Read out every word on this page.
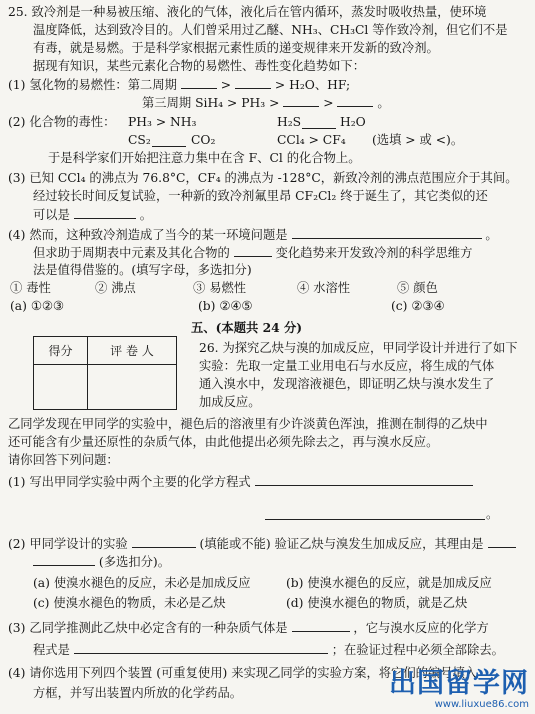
25. 致冷剂是一种易被压缩、液化的气体，液化后在管内循环，蒸发时吸收热量，使环境
温度降低，达到致冷目的。人们曾采用过乙醚、NH₃、CH₃Cl 等作致冷剂，但它们不是
有毒，就是易燃。于是科学家根据元素性质的递变规律来开发新的致冷剂。
据现有知识，某些元素化合物的易燃性、毒性变化趋势如下：
(1) 氢化物的易燃性：第二周期	>	> H₂O、HF;
第三周期 SiH₄ > PH₃ >	>	。
(2) 化合物的毒性： PH₃ > NH₃	H₂S	H₂O
CS₂	CO₂	CCl₄ > CF₄ (选填 > 或 <)。
于是科学家们开始把注意力集中在含 F、Cl 的化合物上。
(3) 已知 CCl₄ 的沸点为 76.8°C，CF₄ 的沸点为 -128°C，新致冷剂的沸点范围应介于其间。
经过较长时间反复试验，一种新的致冷剂氟里昂 CF₂Cl₂ 终于诞生了，其它类似的还
可以是	。
(4) 然而，这种致冷剂造成了当今的某一环境问题是	。
但求助于周期表中元素及其化合物的	变化趋势来开发致冷剂的科学思维方
法是值得借鉴的。(填写字母，多选扣分)
① 毒性	② 沸点	③ 易燃性	④ 水溶性	⑤ 颜色
(a) ①②③	(b) ②④⑤	(c) ②③④
五、(本题共 24 分)
得分	评 卷 人
		26. 为探究乙炔与溴的加成反应，甲同学设计并进行了如下
实验：先取一定量工业用电石与水反应，将生成的气体
通入溴水中，发现溶液褪色，即证明乙炔与溴水发生了
加成反应。
乙同学发现在甲同学的实验中，褪色后的溶液里有少许淡黄色浑浊，推测在制得的乙炔中
还可能含有少量还原性的杂质气体，由此他提出必须先除去之，再与溴水反应。
请你回答下列问题：
(1) 写出甲同学实验中两个主要的化学方程式
。
(2) 甲同学设计的实验	(填能或不能) 验证乙炔与溴发生加成反应，其理由是
(多选扣分)。
(a) 使溴水褪色的反应，未必是加成反应	(b) 使溴水褪色的反应，就是加成反应
(c) 使溴水褪色的物质，未必是乙炔	(d) 使溴水褪色的物质，就是乙炔
(3) 乙同学推测此乙炔中必定含有的一种杂质气体是	，它与溴水反应的化学方
程式是	；在验证过程中必须全部除去。
(4) 请你选用下列四个装置 (可重复使用) 来实现乙同学的实验方案，将它们的编号填入
方框，并写出装置内所放的化学药品。	出国留学网
www.liuxue86.com
